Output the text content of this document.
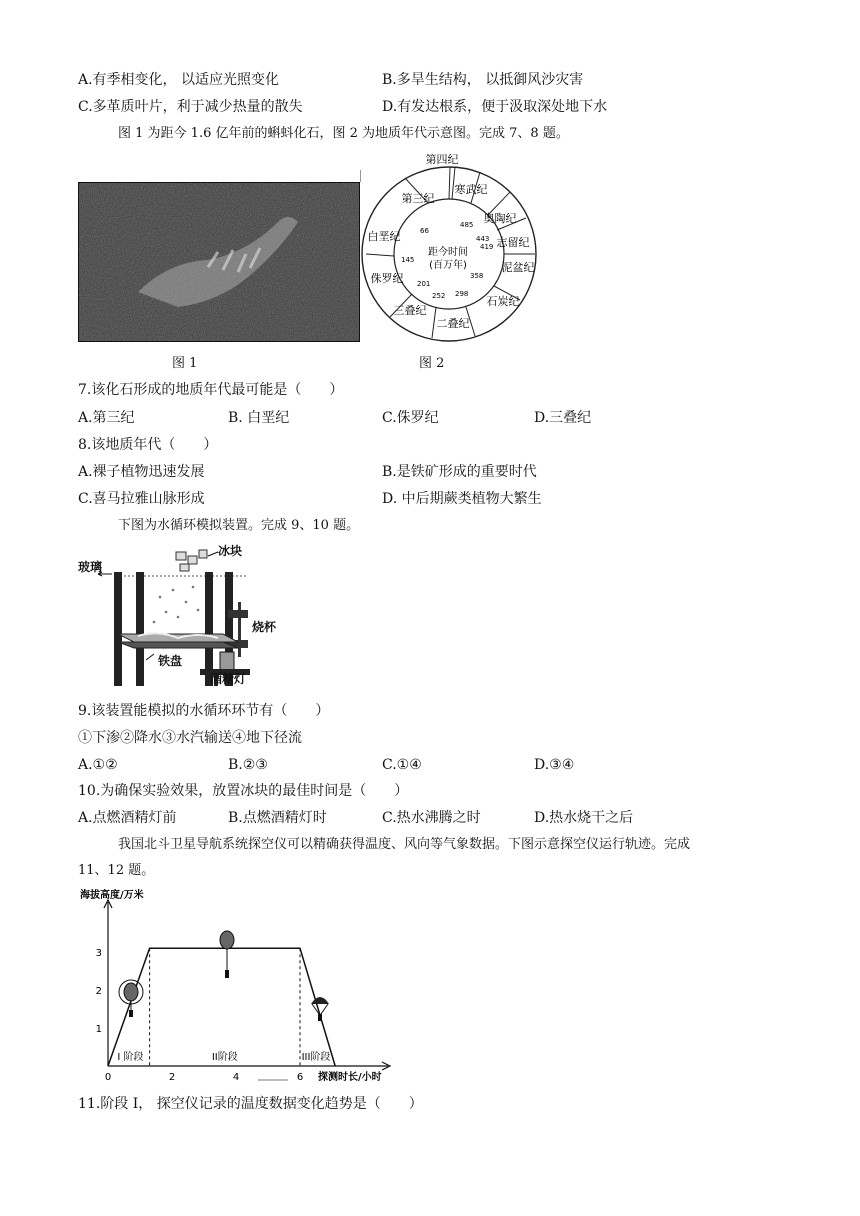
A.有季相变化， 以适应光照变化	B.多旱生结构， 以抵御风沙灾害
C.多革质叶片，利于减少热量的散失	D.有发达根系，便于汲取深处地下水
图 1 为距今 1.6 亿年前的蝌蚪化石，图 2 为地质年代示意图。完成 7、8 题。
第四纪
第三纪
寒武纪
奥陶纪
志留纪
泥盆纪
石炭纪
二叠纪
三叠纪
侏罗纪
白垩纪	66
485
443
419
358
298
252
201
145
距今时间
(百万年)
图 1	图 2
7.该化石形成的地质年代最可能是（　　）
A.第三纪	B. 白垩纪	C.侏罗纪	D.三叠纪
8.该地质年代（　　）
A.裸子植物迅速发展	B.是铁矿形成的重要时代
C.喜马拉雅山脉形成	D. 中后期蕨类植物大繁生
下图为水循环模拟装置。完成 9、10 题。
玻璃
冰块
烧杯
铁盘
酒精灯
9.该装置能模拟的水循环环节有（　　）
①下渗②降水③水汽输送④地下径流
A.①②	B.②③	C.①④	D.③④
10.为确保实验效果，放置冰块的最佳时间是（　　）
A.点燃酒精灯前	B.点燃酒精灯时	C.热水沸腾之时	D.热水烧干之后
我国北斗卫星导航系统探空仪可以精确获得温度、风向等气象数据。下图示意探空仪运行轨迹。完成
11、12 题。
海拔高度/万米
探测时长/小时
0	2	4	6
1
2
3
I 阶段	II阶段	III阶段
11.阶段 Ⅰ， 探空仪记录的温度数据变化趋势是（　　）
